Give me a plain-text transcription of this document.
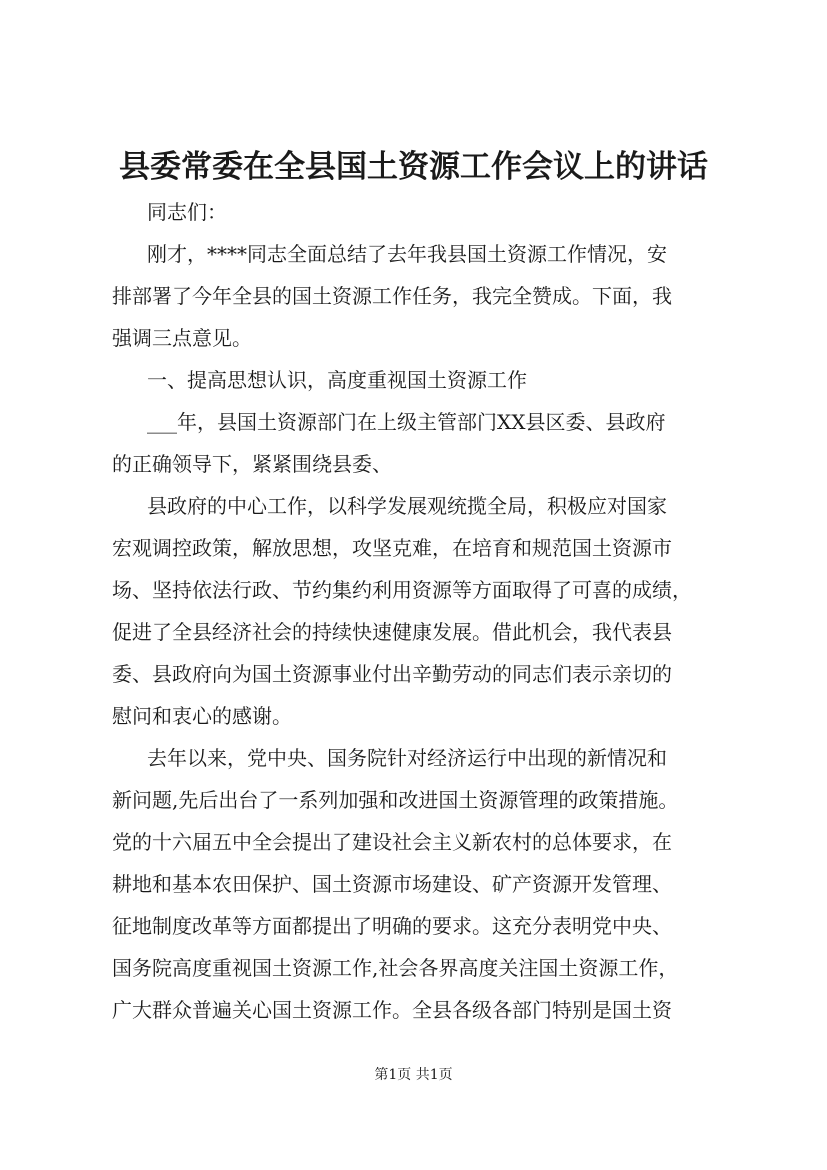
县委常委在全县国土资源工作会议上的讲话
同志们：
刚才，****同志全面总结了去年我县国土资源工作情况，安
排部署了今年全县的国土资源工作任务，我完全赞成。下面，我
强调三点意见。
一、提高思想认识，高度重视国土资源工作
___年，县国土资源部门在上级主管部门XX县区委、县政府
的正确领导下，紧紧围绕县委、
县政府的中心工作，以科学发展观统揽全局，积极应对国家
宏观调控政策，解放思想，攻坚克难，在培育和规范国土资源市
场、坚持依法行政、节约集约利用资源等方面取得了可喜的成绩，
促进了全县经济社会的持续快速健康发展。借此机会，我代表县
委、县政府向为国土资源事业付出辛勤劳动的同志们表示亲切的
慰问和衷心的感谢。
去年以来，党中央、国务院针对经济运行中出现的新情况和
新问题,先后出台了一系列加强和改进国土资源管理的政策措施。
党的十六届五中全会提出了建设社会主义新农村的总体要求，在
耕地和基本农田保护、国土资源市场建设、矿产资源开发管理、
征地制度改革等方面都提出了明确的要求。这充分表明党中央、
国务院高度重视国土资源工作,社会各界高度关注国土资源工作，
广大群众普遍关心国土资源工作。全县各级各部门特别是国土资
第1页 共1页
